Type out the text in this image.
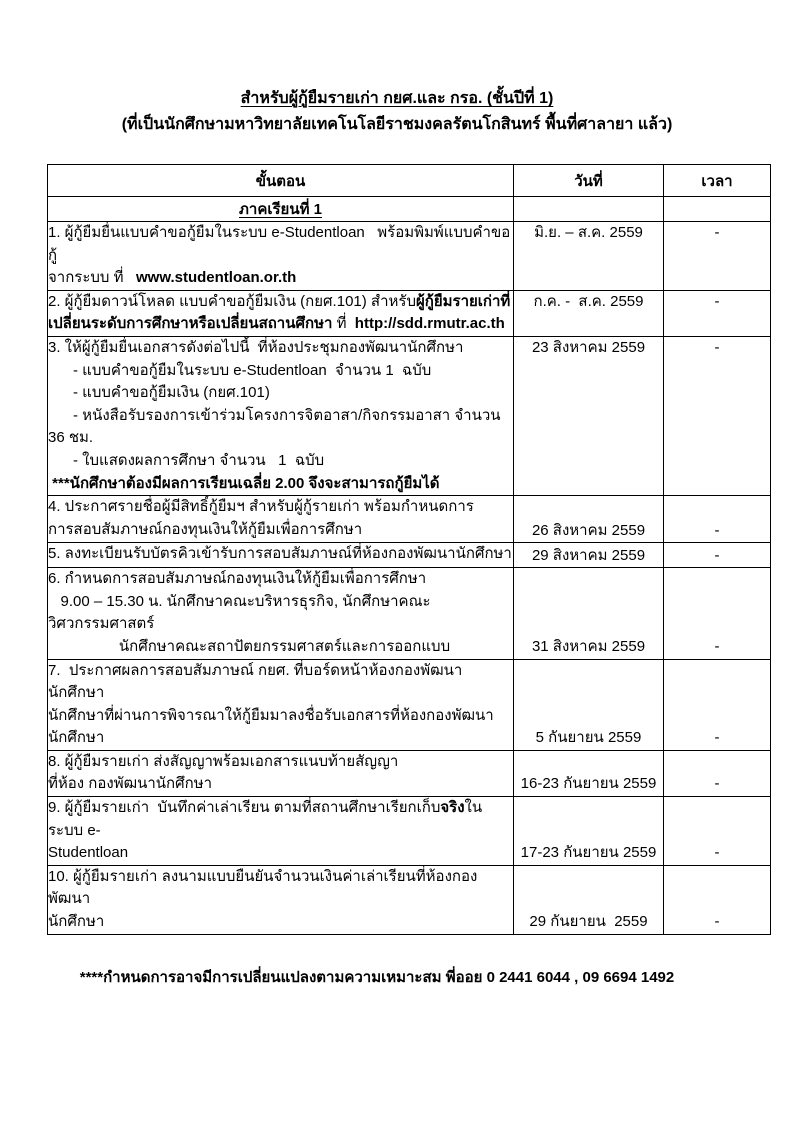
สำหรับผู้กู้ยืมรายเก่า กยศ.และ กรอ. (ชั้นปีที่ 1)
(ที่เป็นนักศึกษามหาวิทยาลัยเทคโนโลยีราชมงคลรัตนโกสินทร์ พื้นที่ศาลายา แล้ว)
ขั้นตอน	วันที่	เวลา
ภาคเรียนที่ 1		

1. ผู้กู้ยืมยื่นแบบคำขอกู้ยืมในระบบ e-Studentloan   พร้อมพิมพ์แบบคำขอกู้
จากระบบ ที่   www.studentloan.or.th	มิ.ย. – ส.ค. 2559	-

2. ผู้กู้ยืมดาวน์โหลด แบบคำขอกู้ยืมเงิน (กยศ.101) สำหรับผู้กู้ยืมรายเก่าที่
เปลี่ยนระดับการศึกษาหรือเปลี่ยนสถานศึกษา ที่  http://sdd.rmutr.ac.th	ก.ค. -  ส.ค. 2559	-

3. ให้ผู้กู้ยืมยื่นเอกสารดังต่อไปนี้  ที่ห้องประชุมกองพัฒนานักศึกษา
- แบบคำขอกู้ยืมในระบบ e-Studentloan  จำนวน 1  ฉบับ
- แบบคำขอกู้ยืมเงิน (กยศ.101)
- หนังสือรับรองการเข้าร่วมโครงการจิตอาสา/กิจกรรมอาสา จำนวน 36 ชม.
- ใบแสดงผลการศึกษา จำนวน   1  ฉบับ
***นักศึกษาต้องมีผลการเรียนเฉลี่ย 2.00 จึงจะสามารถกู้ยืมได้
	23 สิงหาคม 2559	-

4. ประกาศรายชื่อผู้มีสิทธิ์กู้ยืมฯ สำหรับผู้กู้รายเก่า พร้อมกำหนดการ
การสอบสัมภาษณ์กองทุนเงินให้กู้ยืมเพื่อการศึกษา	26 สิงหาคม 2559	-

5. ลงทะเบียนรับบัตรคิวเข้ารับการสอบสัมภาษณ์ที่ห้องกองพัฒนานักศึกษา	29 สิงหาคม 2559	-

6. กำหนดการสอบสัมภาษณ์กองทุนเงินให้กู้ยืมเพื่อการศึกษา
9.00 – 15.30 น. นักศึกษาคณะบริหารธุรกิจ, นักศึกษาคณะวิศวกรรมศาสตร์
นักศึกษาคณะสถาปัตยกรรมศาสตร์และการออกแบบ	31 สิงหาคม 2559	-

7.  ประกาศผลการสอบสัมภาษณ์ กยศ. ที่บอร์ดหน้าห้องกองพัฒนานักศึกษา
นักศึกษาที่ผ่านการพิจารณาให้กู้ยืมมาลงชื่อรับเอกสารที่ห้องกองพัฒนานักศึกษา	5 กันยายน 2559	-

8. ผู้กู้ยืมรายเก่า ส่งสัญญาพร้อมเอกสารแนบท้ายสัญญา
ที่ห้อง กองพัฒนานักศึกษา	16-23 กันยายน 2559	-

9. ผู้กู้ยืมรายเก่า  บันทึกค่าเล่าเรียน ตามที่สถานศึกษาเรียกเก็บจริงในระบบ e-
Studentloan	17-23 กันยายน 2559	-

10. ผู้กู้ยืมรายเก่า ลงนามแบบยืนยันจำนวนเงินค่าเล่าเรียนที่ห้องกองพัฒนา
นักศึกษา	29 กันยายน  2559	-
****กำหนดการอาจมีการเปลี่ยนแปลงตามความเหมาะสม พี่ออย 0 2441 6044 , 09 6694 1492
